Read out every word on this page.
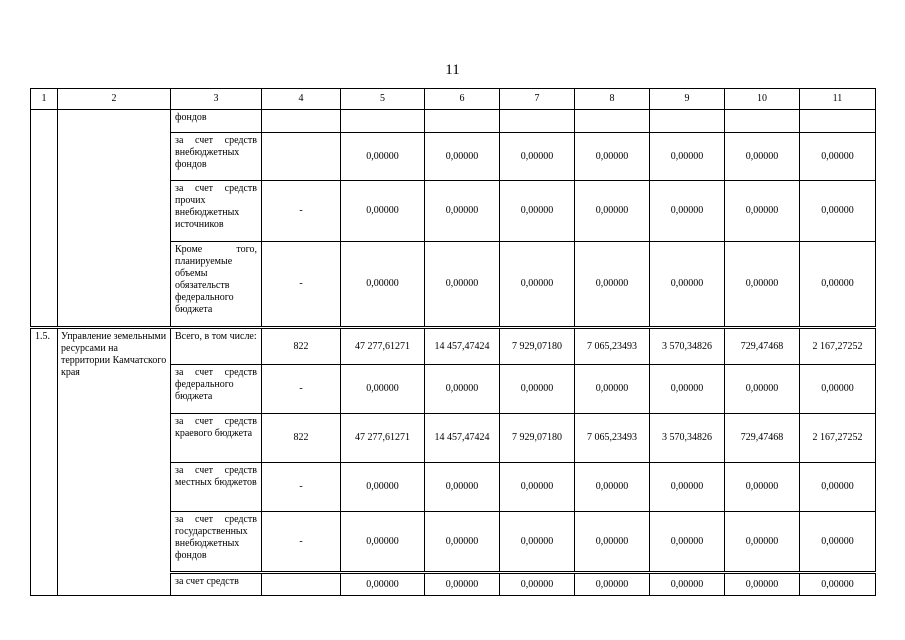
11
1	2	3	4	5	6	7	8	9	10	11
		фондов								
		за счет средств внебюджетных фондов		0,00000	0,00000	0,00000	0,00000	0,00000	0,00000	0,00000
		за счет средств прочих внебюджетных источников	-	0,00000	0,00000	0,00000	0,00000	0,00000	0,00000	0,00000
		Кроме того, планируемые объемы обязательств федерального бюджета	-	0,00000	0,00000	0,00000	0,00000	0,00000	0,00000	0,00000
1.5.	Управление земельными ресурсами на территории Камчатского края	Всего, в том числе:	822	47 277,61271	14 457,47424	7 929,07180	7 065,23493	3 570,34826	729,47468	2 167,27252
		за счет средств федерального бюджета	-	0,00000	0,00000	0,00000	0,00000	0,00000	0,00000	0,00000
		за счет средств краевого бюджета	822	47 277,61271	14 457,47424	7 929,07180	7 065,23493	3 570,34826	729,47468	2 167,27252
		за счет средств местных бюджетов	-	0,00000	0,00000	0,00000	0,00000	0,00000	0,00000	0,00000
		за счет средств государственных внебюджетных фондов	-	0,00000	0,00000	0,00000	0,00000	0,00000	0,00000	0,00000
		за счет средств		0,00000	0,00000	0,00000	0,00000	0,00000	0,00000	0,00000
